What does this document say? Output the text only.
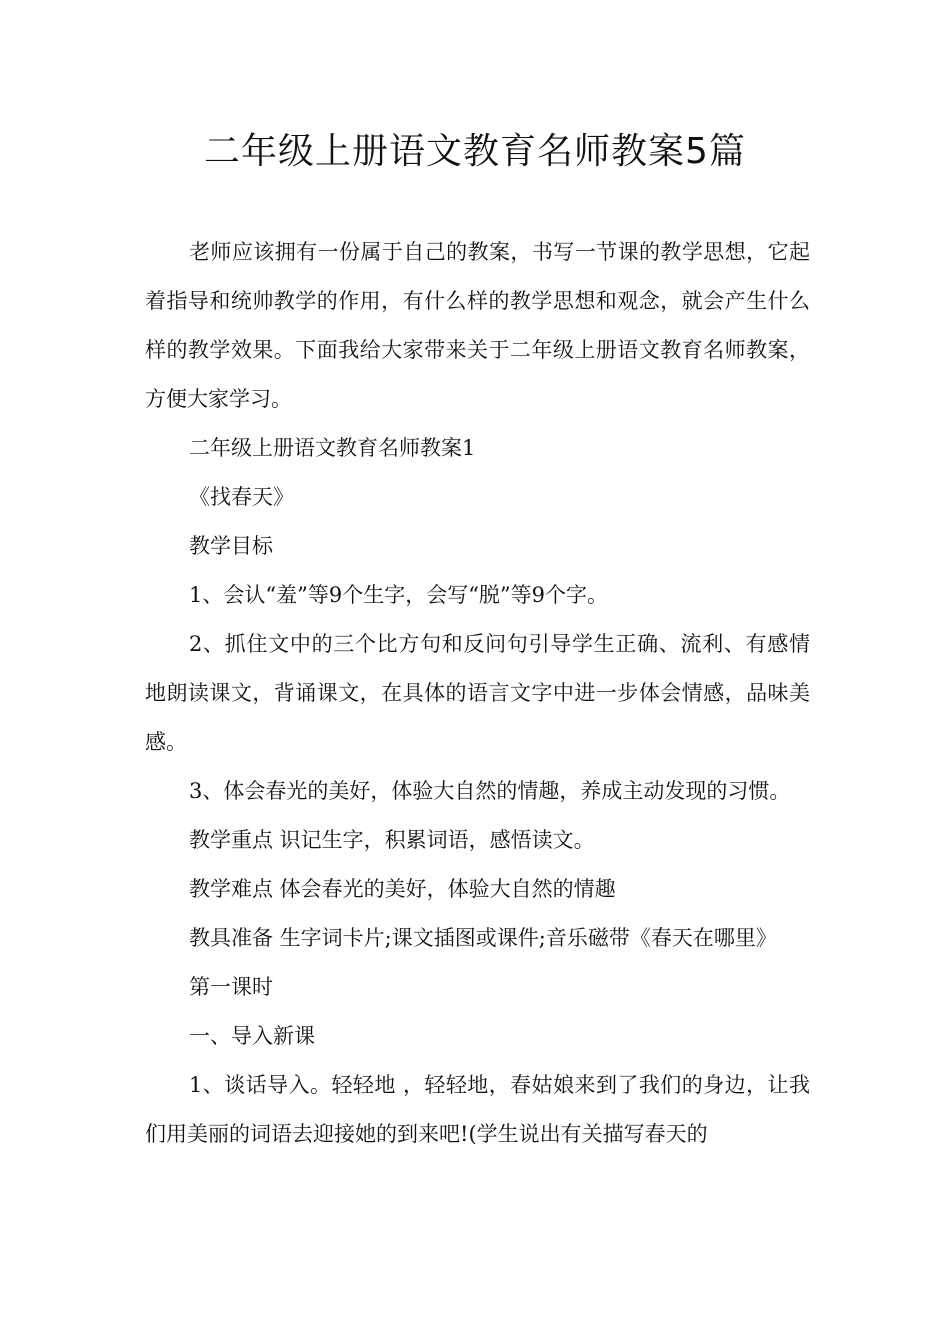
二年级上册语文教育名师教案5篇

老师应该拥有一份属于自己的教案，书写一节课的教学思想，它起着指导和统帅教学的作用，有什么样的教学思想和观念，就会产生什么样的教学效果。下面我给大家带来关于二年级上册语文教育名师教案，方便大家学习。

二年级上册语文教育名师教案1

《找春天》

教学目标

1、会认“羞”等9个生字，会写“脱”等9个字。

2、抓住文中的三个比方句和反问句引导学生正确、流利、有感情地朗读课文，背诵课文，在具体的语言文字中进一步体会情感，品味美感。

3、体会春光的美好，体验大自然的情趣，养成主动发现的习惯。

教学重点 识记生字，积累词语，感悟读文。

教学难点 体会春光的美好，体验大自然的情趣

教具准备 生字词卡片;课文插图或课件;音乐磁带《春天在哪里》

第一课时

一、导入新课

1、谈话导入。轻轻地 ，轻轻地，春姑娘来到了我们的身边，让我们用美丽的词语去迎接她的到来吧!(学生说出有关描写春天的
